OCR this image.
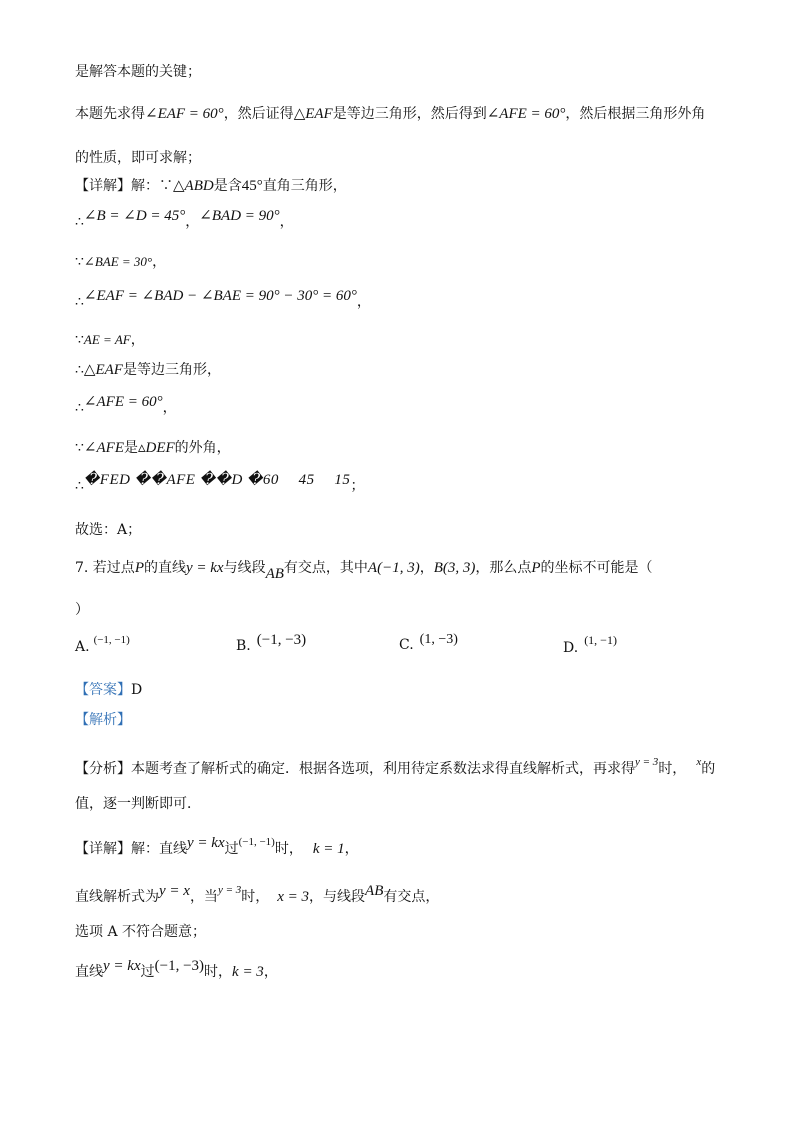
是解答本题的关键；
本题先求得∠EAF = 60°，然后证得△EAF是等边三角形，然后得到∠AFE = 60°，然后根据三角形外角
的性质，即可求解；
【详解】解：∵△ABD是含45°直角三角形，
∴∠B = ∠D = 45°，∠BAD = 90°，
∵∠BAE = 30°，
∴∠EAF = ∠BAD − ∠BAE = 90° − 30° = 60°，
∵AE = AF，
∴△EAF是等边三角形，
∴∠AFE = 60°，
∵∠AFE是▵DEF的外角，
∴�FED ��AFE ��D �60 　45 　15；
故选：A；
7. 若过点P的直线y = kx与线段AB有交点，其中A(−1, 3)，B(3, 3)，那么点P的坐标不可能是（
）
A. $^{(-1, -1)}$	B. (−1, −3)	C. (1, −3)
D. (1, −1)
【答案】D
【解析】
【分析】本题考查了解析式的确定．根据各选项，利用待定系数法求得直线解析式，再求得$^{y = 3}$时， $^x$的
值，逐一判断即可．
【详解】解：直线y = kx过$^{(-1, -1)}$时， k = 1，
直线解析式为y = x，当$^{y = 3}$时， x = 3，与线段AB有交点，
选项 A 不符合题意；
直线y = kx过(−1, −3)时，k = 3，
